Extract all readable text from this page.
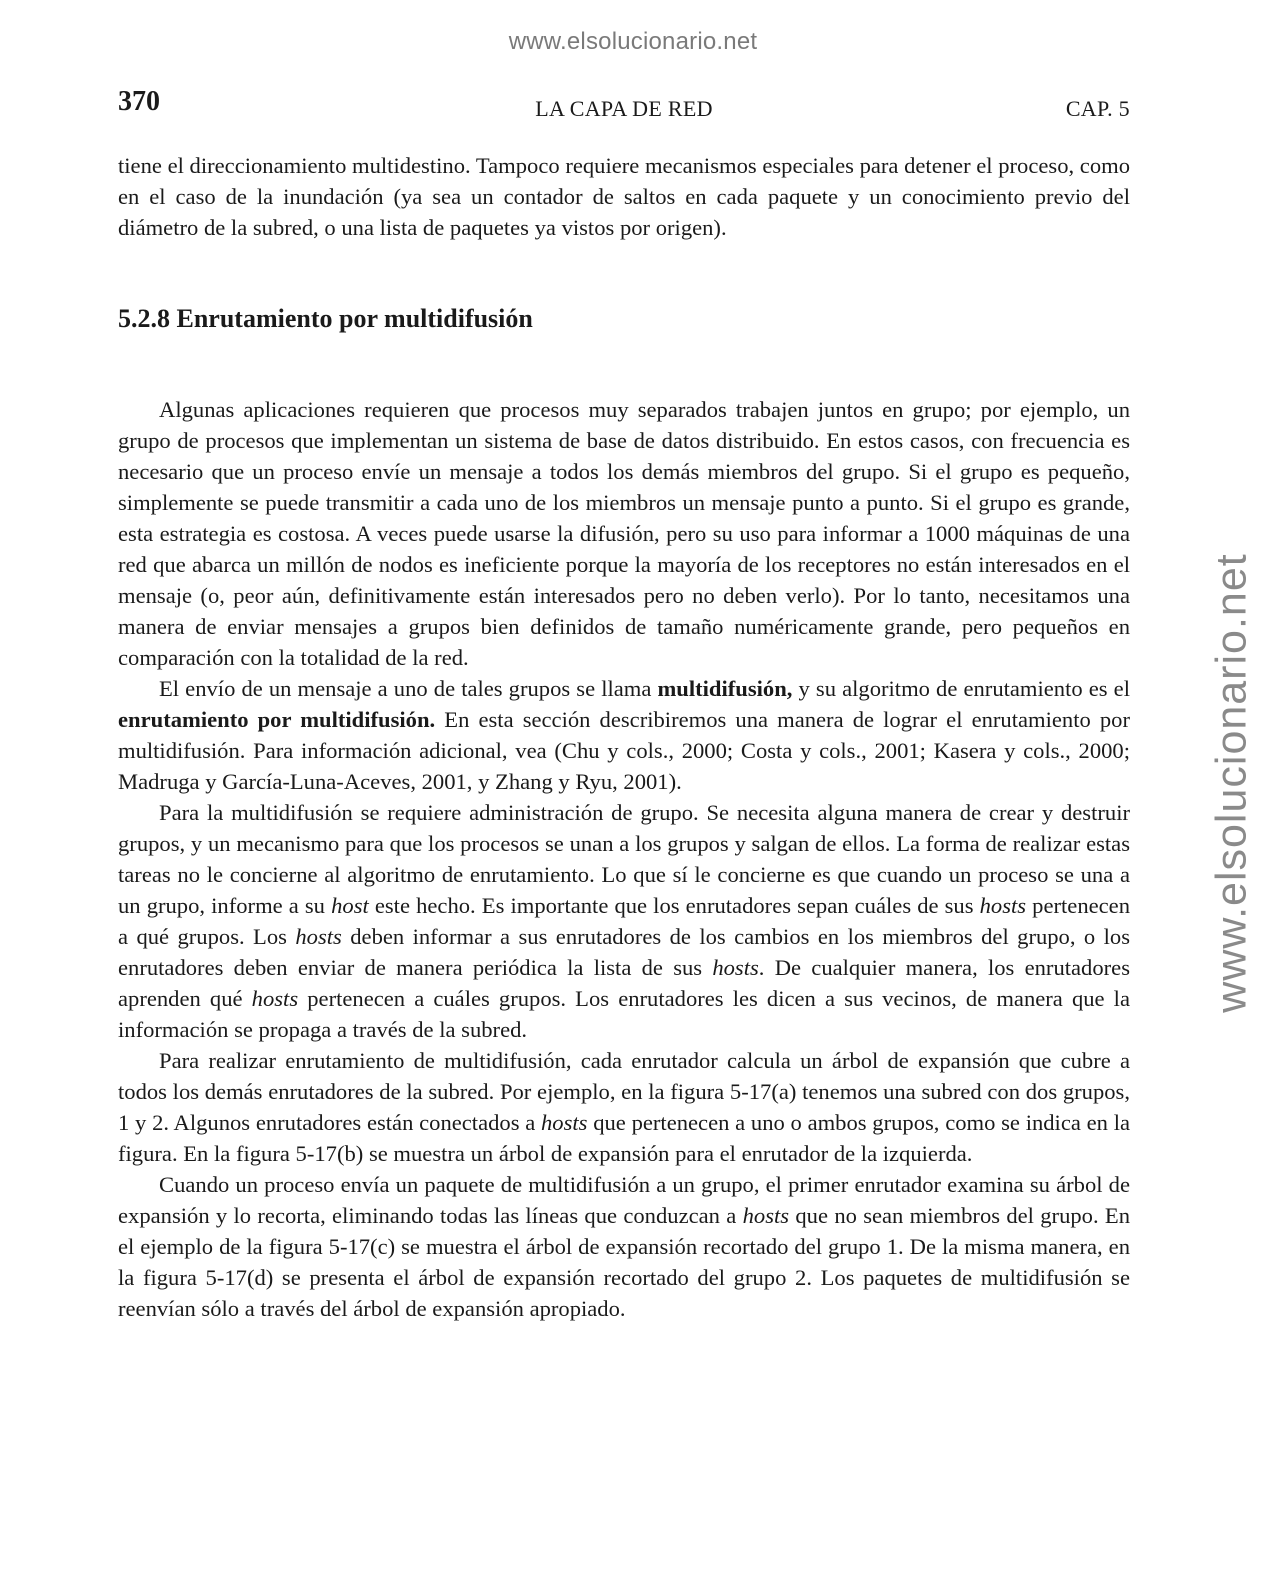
www.elsolucionario.net
www.elsolucionario.net
370	LA CAPA DE RED	CAP. 5

tiene el direccionamiento multidestino. Tampoco requiere mecanismos especiales para detener el proceso, como en el caso de la inundación (ya sea un contador de saltos en cada paquete y un conocimiento previo del diámetro de la subred, o una lista de paquetes ya vistos por origen).

5.2.8 Enrutamiento por multidifusión

Algunas aplicaciones requieren que procesos muy separados trabajen juntos en grupo; por ejemplo, un grupo de procesos que implementan un sistema de base de datos distribuido. En estos casos, con frecuencia es necesario que un proceso envíe un mensaje a todos los demás miembros del grupo. Si el grupo es pequeño, simplemente se puede transmitir a cada uno de los miembros un mensaje punto a punto. Si el grupo es grande, esta estrategia es costosa. A veces puede usarse la difusión, pero su uso para informar a 1000 máquinas de una red que abarca un millón de nodos es ineficiente porque la mayoría de los receptores no están interesados en el mensaje (o, peor aún, definitivamente están interesados pero no deben verlo). Por lo tanto, necesitamos una manera de enviar mensajes a grupos bien definidos de tamaño numéricamente grande, pero pequeños en comparación con la totalidad de la red.

El envío de un mensaje a uno de tales grupos se llama multidifusión, y su algoritmo de enrutamiento es el enrutamiento por multidifusión. En esta sección describiremos una manera de lograr el enrutamiento por multidifusión. Para información adicional, vea (Chu y cols., 2000; Costa y cols., 2001; Kasera y cols., 2000; Madruga y García-Luna-Aceves, 2001, y Zhang y Ryu, 2001).

Para la multidifusión se requiere administración de grupo. Se necesita alguna manera de crear y destruir grupos, y un mecanismo para que los procesos se unan a los grupos y salgan de ellos. La forma de realizar estas tareas no le concierne al algoritmo de enrutamiento. Lo que sí le concierne es que cuando un proceso se una a un grupo, informe a su host este hecho. Es importante que los enrutadores sepan cuáles de sus hosts pertenecen a qué grupos. Los hosts deben informar a sus enrutadores de los cambios en los miembros del grupo, o los enrutadores deben enviar de manera periódica la lista de sus hosts. De cualquier manera, los enrutadores aprenden qué hosts pertenecen a cuáles grupos. Los enrutadores les dicen a sus vecinos, de manera que la información se propaga a través de la subred.

Para realizar enrutamiento de multidifusión, cada enrutador calcula un árbol de expansión que cubre a todos los demás enrutadores de la subred. Por ejemplo, en la figura 5-17(a) tenemos una subred con dos grupos, 1 y 2. Algunos enrutadores están conectados a hosts que pertenecen a uno o ambos grupos, como se indica en la figura. En la figura 5-17(b) se muestra un árbol de expansión para el enrutador de la izquierda.

Cuando un proceso envía un paquete de multidifusión a un grupo, el primer enrutador examina su árbol de expansión y lo recorta, eliminando todas las líneas que conduzcan a hosts que no sean miembros del grupo. En el ejemplo de la figura 5-17(c) se muestra el árbol de expansión recortado del grupo 1. De la misma manera, en la figura 5-17(d) se presenta el árbol de expansión recortado del grupo 2. Los paquetes de multidifusión se reenvían sólo a través del árbol de expansión apropiado.
